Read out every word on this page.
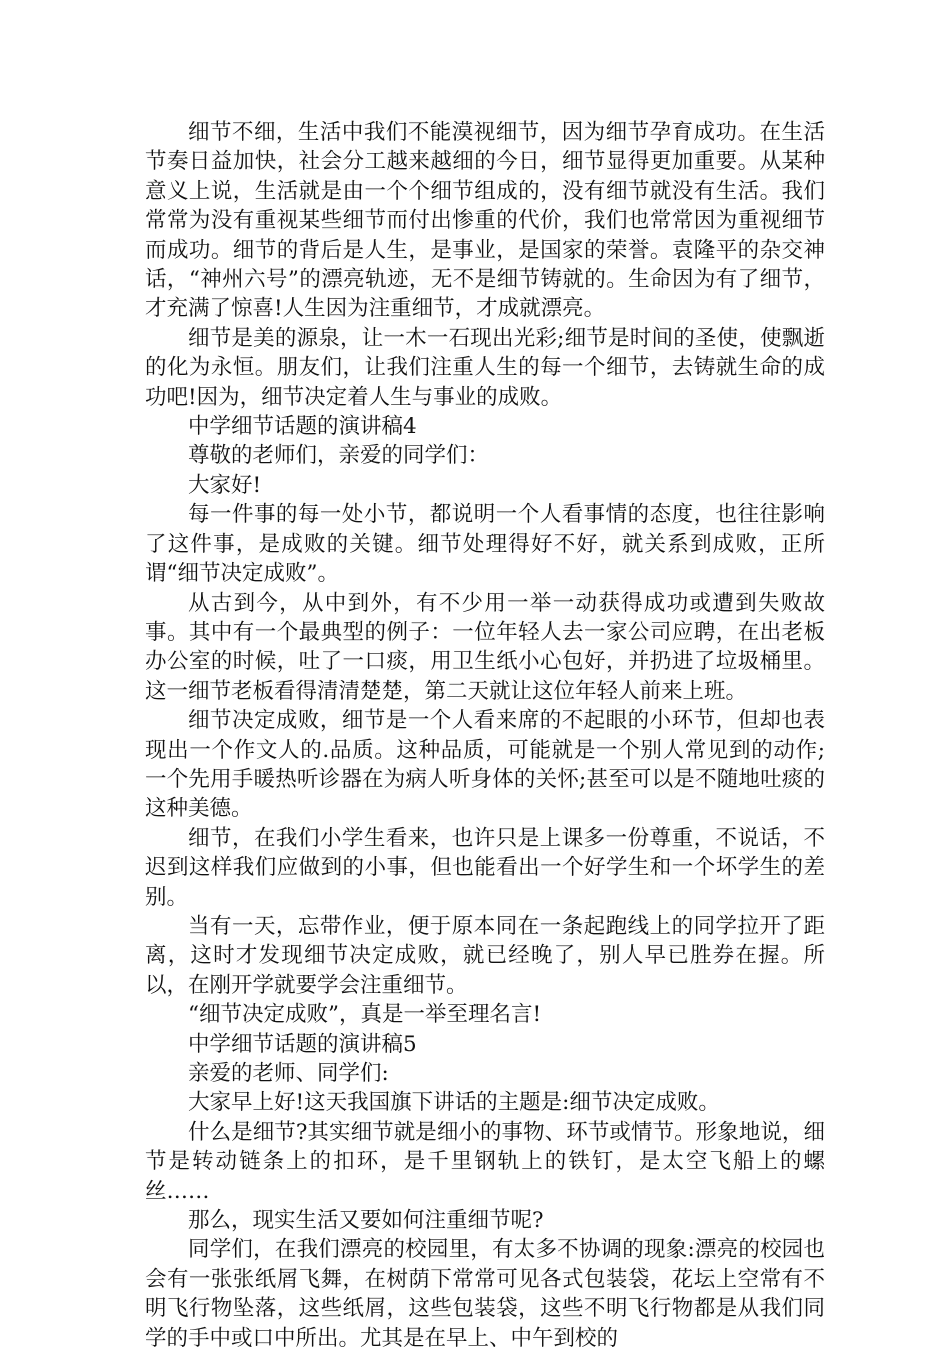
细节不细，生活中我们不能漠视细节，因为细节孕育成功。在生活节奏日益加快，社会分工越来越细的今日，细节显得更加重要。从某种意义上说，生活就是由一个个细节组成的，没有细节就没有生活。我们常常为没有重视某些细节而付出惨重的代价，我们也常常因为重视细节而成功。细节的背后是人生，是事业，是国家的荣誉。袁隆平的杂交神话，“神州六号”的漂亮轨迹，无不是细节铸就的。生命因为有了细节，才充满了惊喜!人生因为注重细节，才成就漂亮。

细节是美的源泉，让一木一石现出光彩;细节是时间的圣使，使飘逝的化为永恒。朋友们，让我们注重人生的每一个细节，去铸就生命的成功吧!因为，细节决定着人生与事业的成败。

中学细节话题的演讲稿4

尊敬的老师们，亲爱的同学们：

大家好!

每一件事的每一处小节，都说明一个人看事情的态度，也往往影响了这件事，是成败的关键。细节处理得好不好，就关系到成败，正所谓“细节决定成败”。

从古到今，从中到外，有不少用一举一动获得成功或遭到失败故事。其中有一个最典型的例子：一位年轻人去一家公司应聘，在出老板办公室的时候，吐了一口痰，用卫生纸小心包好，并扔进了垃圾桶里。这一细节老板看得清清楚楚，第二天就让这位年轻人前来上班。

细节决定成败，细节是一个人看来席的不起眼的小环节，但却也表现出一个作文人的.品质。这种品质，可能就是一个别人常见到的动作;一个先用手暖热听诊器在为病人听身体的关怀;甚至可以是不随地吐痰的这种美德。

细节，在我们小学生看来，也许只是上课多一份尊重，不说话，不迟到这样我们应做到的小事，但也能看出一个好学生和一个坏学生的差别。

当有一天，忘带作业，便于原本同在一条起跑线上的同学拉开了距离，这时才发现细节决定成败，就已经晚了，别人早已胜券在握。所以，在刚开学就要学会注重细节。

“细节决定成败”，真是一举至理名言!

中学细节话题的演讲稿5

亲爱的老师、同学们:

大家早上好!这天我国旗下讲话的主题是:细节决定成败。

什么是细节?其实细节就是细小的事物、环节或情节。形象地说，细节是转动链条上的扣环，是千里钢轨上的铁钉，是太空飞船上的螺丝……

那么，现实生活又要如何注重细节呢?

同学们，在我们漂亮的校园里，有太多不协调的现象:漂亮的校园也会有一张张纸屑飞舞，在树荫下常常可见各式包装袋，花坛上空常有不明飞行物坠落，这些纸屑，这些包装袋，这些不明飞行物都是从我们同学的手中或口中所出。尤其是在早上、中午到校的
